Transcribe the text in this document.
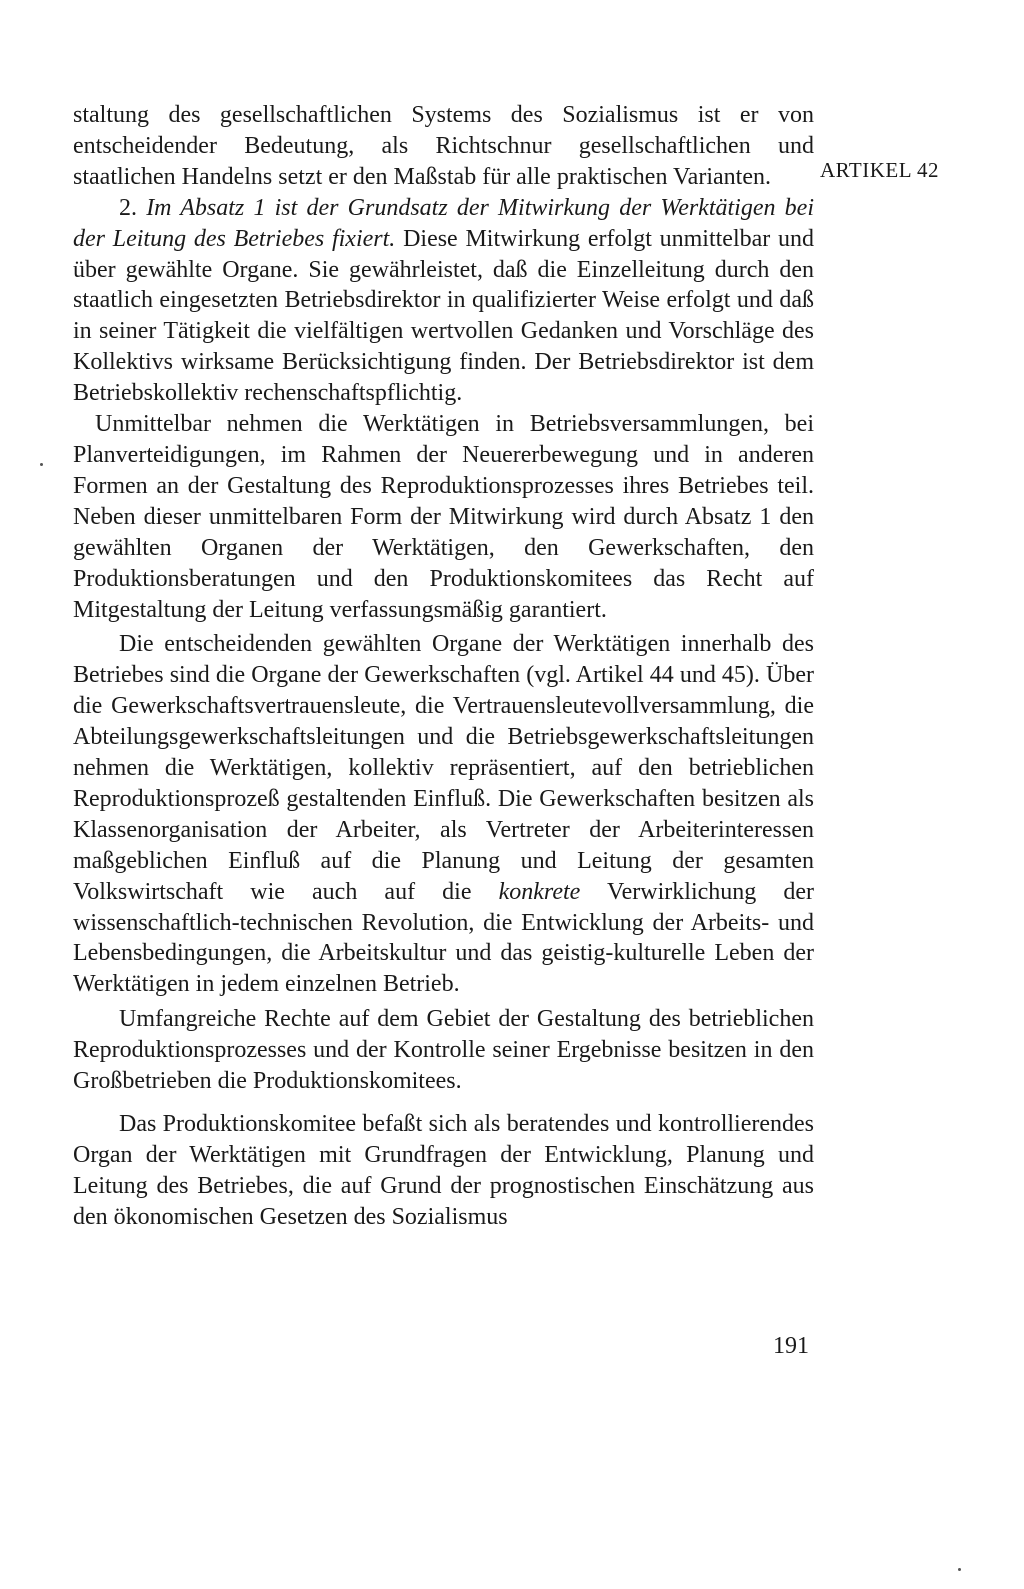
ARTIKEL 42

staltung des gesellschaftlichen Systems des Sozialismus ist er von entscheidender Bedeutung, als Richtschnur gesellschaftlichen und staatlichen Handelns setzt er den Maßstab für alle praktischen Varianten.

2. Im Absatz 1 ist der Grundsatz der Mitwirkung der Werktätigen bei der Leitung des Betriebes fixiert. Diese Mitwirkung erfolgt unmittelbar und über gewählte Organe. Sie gewährleistet, daß die Einzelleitung durch den staatlich eingesetzten Betriebsdirektor in qualifizierter Weise erfolgt und daß in seiner Tätigkeit die vielfältigen wertvollen Gedanken und Vorschläge des Kollektivs wirksame Berücksichtigung finden. Der Betriebsdirektor ist dem Betriebskollektiv rechenschaftspflichtig.

Unmittelbar nehmen die Werktätigen in Betriebsversammlungen, bei Planverteidigungen, im Rahmen der Neuererbewegung und in anderen Formen an der Gestaltung des Reproduktionsprozesses ihres Betriebes teil. Neben dieser unmittelbaren Form der Mitwirkung wird durch Absatz 1 den gewählten Organen der Werktätigen, den Gewerkschaften, den Produktionsberatungen und den Produktionskomitees das Recht auf Mitgestaltung der Leitung verfassungsmäßig garantiert.

Die entscheidenden gewählten Organe der Werktätigen innerhalb des Betriebes sind die Organe der Gewerkschaften (vgl. Artikel 44 und 45). Über die Gewerkschaftsvertrauensleute, die Vertrauensleutevollversammlung, die Abteilungsgewerkschaftsleitungen und die Betriebsgewerkschaftsleitungen nehmen die Werktätigen, kollektiv repräsentiert, auf den betrieblichen Reproduktionsprozeß gestaltenden Einfluß. Die Gewerkschaften besitzen als Klassenorganisation der Arbeiter, als Vertreter der Arbeiterinteressen maßgeblichen Einfluß auf die Planung und Leitung der gesamten Volkswirtschaft wie auch auf die konkrete Verwirklichung der wissenschaftlich-technischen Revolution, die Entwicklung der Arbeits- und Lebensbedingungen, die Arbeitskultur und das geistig-kulturelle Leben der Werktätigen in jedem einzelnen Betrieb.

Umfangreiche Rechte auf dem Gebiet der Gestaltung des betrieblichen Reproduktionsprozesses und der Kontrolle seiner Ergebnisse besitzen in den Großbetrieben die Produktionskomitees.

Das Produktionskomitee befaßt sich als beratendes und kontrollierendes Organ der Werktätigen mit Grundfragen der Entwicklung, Planung und Leitung des Betriebes, die auf Grund der prognostischen Einschätzung aus den ökonomischen Gesetzen des Sozialismus

191
